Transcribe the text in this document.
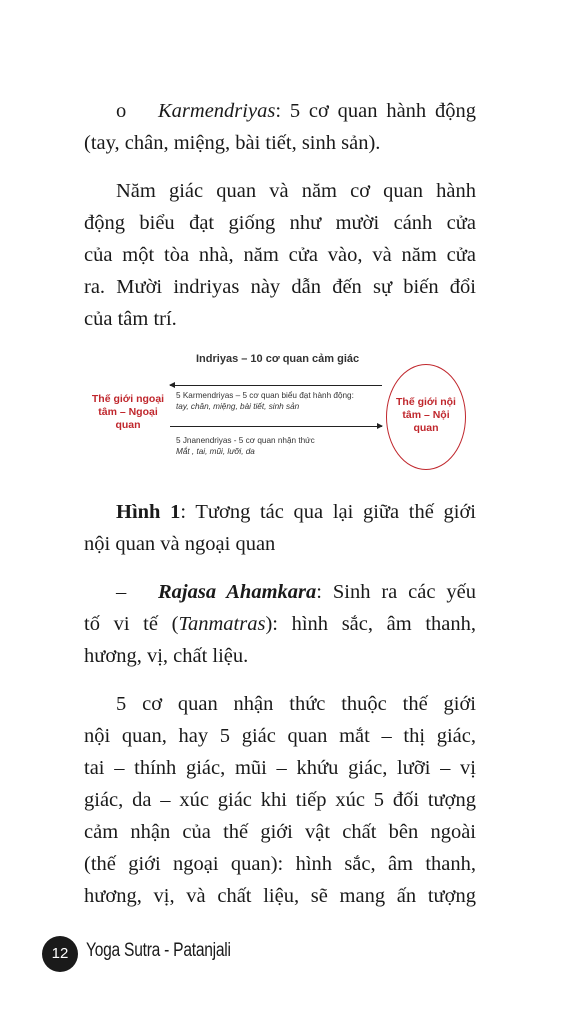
o Karmendriyas: 5 cơ quan hành động
(tay, chân, miệng, bài tiết, sinh sản).
Năm giác quan và năm cơ quan hành
động biểu đạt giống như mười cánh cửa
của một tòa nhà, năm cửa vào, và năm cửa
ra. Mười indriyas này dẫn đến sự biến đổi
của tâm trí.
Indriyas – 10 cơ quan cảm giác
Thế giới ngoại tâm – Ngoại quan
Thế giới nội tâm – Nội quan
5 Karmendriyas – 5 cơ quan biểu đạt hành động:
tay, chân, miệng, bài tiết, sinh sản
5 Jnanendriyas - 5 cơ quan nhận thức
Mắt , tai, mũi, lưỡi, da
Hình 1: Tương tác qua lại giữa thế giới
nội quan và ngoại quan
– Rajasa Ahamkara: Sinh ra các yếu
tố vi tế (Tanmatras): hình sắc, âm thanh,
hương, vị, chất liệu.
5 cơ quan nhận thức thuộc thế giới
nội quan, hay 5 giác quan mắt – thị giác,
tai – thính giác, mũi – khứu giác, lưỡi – vị
giác, da – xúc giác khi tiếp xúc 5 đối tượng
cảm nhận của thế giới vật chất bên ngoài
(thế giới ngoại quan): hình sắc, âm thanh,
hương, vị, và chất liệu, sẽ mang ấn tượng
12 Yoga Sutra - Patanjali
